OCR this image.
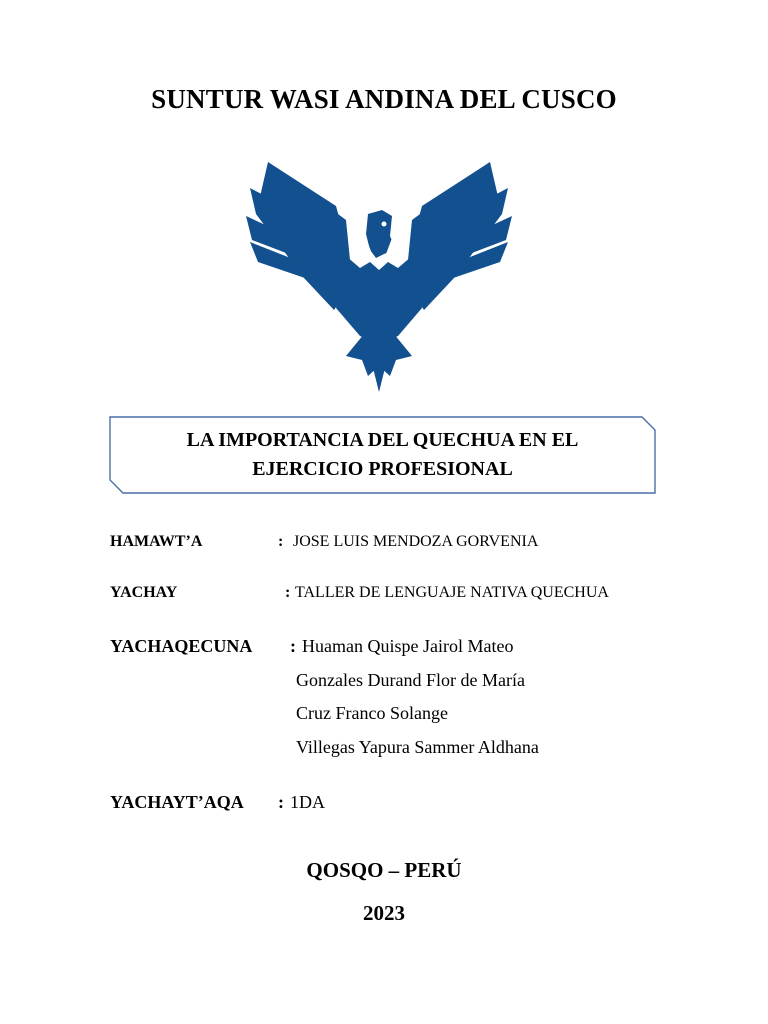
SUNTUR WASI ANDINA DEL CUSCO
LA IMPORTANCIA DEL QUECHUA EN EL
EJERCICIO PROFESIONAL
HAMAWT’A	: JOSE LUIS MENDOZA GORVENIA
YACHAY	: TALLER DE LENGUAJE NATIVA QUECHUA
YACHAQECUNA : Huaman Quispe Jairol Mateo
Gonzales Durand Flor de María
Cruz Franco Solange
Villegas Yapura Sammer Aldhana
YACHAYT’AQA : 1DA
QOSQO – PERÚ
2023
